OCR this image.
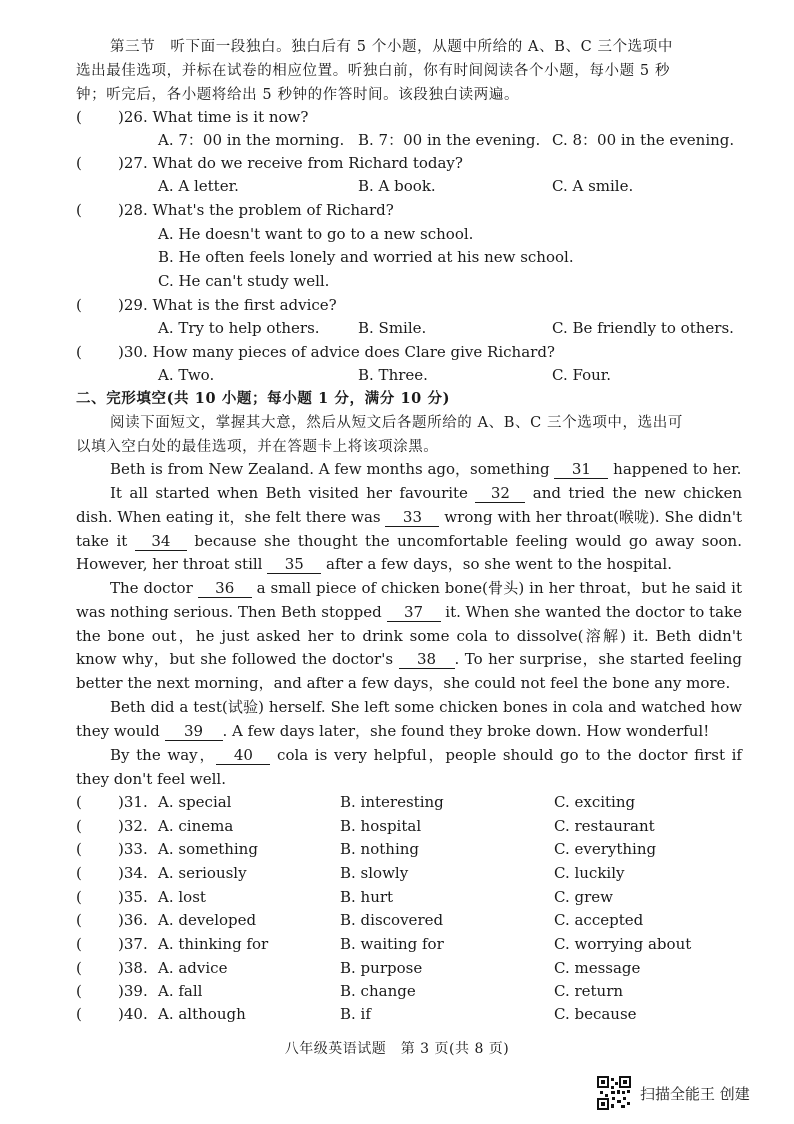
第三节　听下面一段独白。独白后有 5 个小题，从题中所给的 A、B、C 三个选项中
选出最佳选项，并标在试卷的相应位置。听独白前，你有时间阅读各个小题，每小题 5 秒
钟；听完后，各小题将给出 5 秒钟的作答时间。该段独白读两遍。
( )26. What time is it now?
A. 7：00 in the morning. B. 7：00 in the evening. C. 8：00 in the evening.
( )27. What do we receive from Richard today?
A. A letter.	B. A book.	C. A smile.
( )28. What's the problem of Richard?
A. He doesn't want to go to a new school.
B. He often feels lonely and worried at his new school.
C. He can't study well.
( )29. What is the first advice?
A. Try to help others.	B. Smile.	C. Be friendly to others.
( )30. How many pieces of advice does Clare give Richard?
A. Two.	B. Three.	C. Four.
二、完形填空(共 10 小题；每小题 1 分，满分 10 分)
阅读下面短文，掌握其大意，然后从短文后各题所给的 A、B、C 三个选项中，选出可
以填入空白处的最佳选项，并在答题卡上将该项涂黑。
Beth is from New Zealand. A few months ago，something 31 happened to her.
It all started when Beth visited her favourite 32 and tried the new chicken dish. When eating it，she felt there was 33 wrong with her throat(喉咙). She didn't take it 34 because she thought the uncomfortable feeling would go away soon. However, her throat still 35 after a few days，so she went to the hospital.
The doctor 36 a small piece of chicken bone(骨头) in her throat，but he said it was nothing serious. Then Beth stopped 37 it. When she wanted the doctor to take the bone out，he just asked her to drink some cola to dissolve(溶解) it. Beth didn't know why，but she followed the doctor's 38 . To her surprise，she started feeling better the next morning，and after a few days，she could not feel the bone any more.
Beth did a test(试验) herself. She left some chicken bones in cola and watched how they would 39 . A few days later，she found they broke down. How wonderful!
By the way， 40 cola is very helpful，people should go to the doctor first if they don't feel well.
( )31. A. special	B. interesting	C. exciting
( )32. A. cinema	B. hospital	C. restaurant
( )33. A. something	B. nothing	C. everything
( )34. A. seriously	B. slowly	C. luckily
( )35. A. lost	B. hurt	C. grew
( )36. A. developed	B. discovered	C. accepted
( )37. A. thinking for	B. waiting for	C. worrying about
( )38. A. advice	B. purpose	C. message
( )39. A. fall	B. change	C. return
( )40. A. although	B. if	C. because
八年级英语试题　第 3 页(共 8 页)
扫描全能王 创建
